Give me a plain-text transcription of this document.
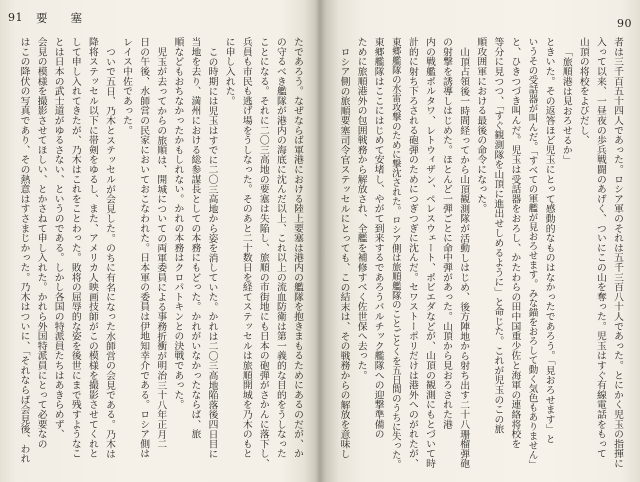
91 要塞
たであろう。なぜならば軍港における陸上要塞は港内の艦隊を抱きまもるためにあるのだが、か
の守るべき艦隊が港内の海底に沈んだ以上、これ以上の流血防衛は第一義的な目的をうしなった
ことになる。それに二〇三高地の要塞は失陥し、旅順の市街地にも日本の砲弾がさかんに落下し、
兵員も市民も逃げ場をうしなった。そのあと二十数日を経てステッセルは旅順開城を乃木のもと
に申し入れた。
この時期には児玉はすでに二〇三高地から姿を消していた。かれは二〇三高地陥落後四日目に
当地を去り、満州における総参謀長としての本務にもどった。かれがいなかったならば、旅
順などもおちなかったかもしれない。かれの本務はクロパトキンとの決戦であった。
児玉が去ってからの旅順は、開城についての両軍委員による事務折衝が明治三十八年正月二
日の午後、水師営の民家においておこなわれた。日本軍の委員は伊地知幸介である。ロシア側は
レイス中佐であった。
ついで五日、乃木とステッセルが会見した。のちに有名になった水師営の会見である。乃木は
降将ステッセル以下に帯剣をゆるし、また、アメリカ人映画技師がこの模様を撮影させてくれと
して申し入れてきたが、乃木はこれをことわった。敗将の屈辱的な姿を後世にまで残すようなこ
とは日本の武士道がゆるさない、というのである。しかし各国の特派員たちはあきらめず、
会見の模様を撮影させてほしい、とかさねて申し入れた。かれら外国特派員にとって必要なの
はこの降伏の写真であり、その熱意はすさまじかった。乃木はついに、「それならば会見後、われ
90
者は三千百五十四人であった。ロシア軍のそれは五千三百八十人であった。とにかく児玉の指揮に
入って以来、一昼夜の歩兵戦闘のあげく、ついにこの山を奪った。児玉はすぐ有線電話をもって
山頂の将校をよびだし、
「旅順港は見おろせるか」
ときいた。その返答ほど児玉にとって感動的なものはなかったであろう。「見おろせます」と
いうその受話器が叫んだ。「すべての軍艦が見おろせます。みな錨をおろして動く気色もありません」
と、ひきつづき叫んだ。児玉は受話器をおろし、かたわらの田中国重少佐と海軍の連絡将校を
等分に見つつ、「すぐ観測隊を山頂に進出せしめるように」と命じた。これが児玉のこの旅
順攻囲軍における最後の命令になった。
山頂占領後一時間経ってから山頂観測隊が活動しはじめ、後方陣地から射ち出す二十八珊榴弾砲
の射撃を誘導しはじめた。ほとんど一弾ごとに命中弾があった。山頂から見おろされた港
内の戦艦ポルタワ、レトウィザン、ペレスウェート、ポビエダなどが、山頂の観測にもとづいて時
計的に射ち下ろされる砲弾のためにつぎつぎに沈んだ。セワストーポリだけは港外へのがれたが、
東郷艦隊の水雷攻撃のために撃沈された。ロシア側は旅順艦隊のことごとくを五日間のうちに失った。
東郷艦隊はここにはじめて安堵し、やがて到来するであろうバルチック艦隊への迎撃準備の
ために旅順港外の包囲戦務から解放され、全艦を補修すべく佐世保へ去った。
ロシア側の旅順要塞司令官ステッセルにとっても、この結末は、その戦務からの解放を意味し
